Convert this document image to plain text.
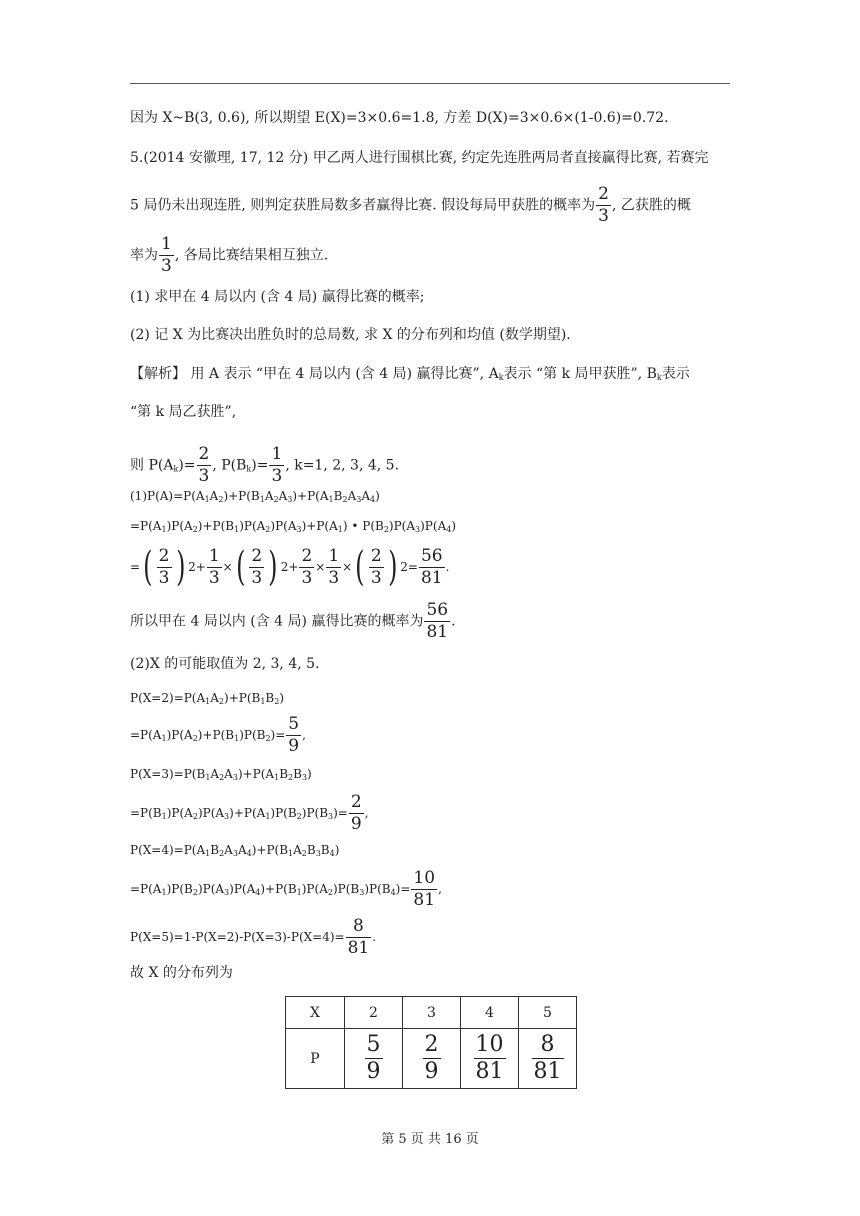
因为 X~B(3, 0.6), 所以期望 E(X)=3×0.6=1.8, 方差 D(X)=3×0.6×(1-0.6)=0.72.
5.(2014 安徽理, 17, 12 分) 甲乙两人进行围棋比赛, 约定先连胜两局者直接赢得比赛, 若赛完
5 局仍未出现连胜, 则判定获胜局数多者赢得比赛. 假设每局甲获胜的概率为 $\frac{2}{3}$ , 乙获胜的概
率为 $\frac{1}{3}$ , 各局比赛结果相互独立.
(1) 求甲在 4 局以内 (含 4 局) 赢得比赛的概率;
(2) 记 X 为比赛决出胜负时的总局数, 求 X 的分布列和均值 (数学期望).
【解析】 用 A 表示 “甲在 4 局以内 (含 4 局) 赢得比赛”, $A_k$表示 “第 k 局甲获胜”, $B_k$表示
“第 k 局乙获胜”,
则 $P(A_k)= \frac{2}{3}$ , $P(B_k)= \frac{1}{3}$ , k=1, 2, 3, 4, 5.
$(1)P(A)=P(A_1A_2)+P(B_1A_2A_3)+P(A_1B_2A_3A_4)$
$=P(A_1)P(A_2)+P(B_1)P(A_2)P(A_3)+P(A_1)$ • $P(B_2)P(A_3)P(A_4)$
= ( $\frac{2}{3}$ ) $2 + \frac{1}{3}$ × ( $\frac{2}{3}$ ) $2 + \frac{2}{3} \times \frac{1}{3}$ × ( $\frac{2}{3}$ ) $2 = \frac{56}{81}$ .
所以甲在 4 局以内 (含 4 局) 赢得比赛的概率为 $\frac{56}{81}$ .
(2)X 的可能取值为 2, 3, 4, 5.
$P(X=2)=P(A_1A_2)+P(B_1B_2)$
$=P(A_1)P(A_2)+P(B_1)P(B_2)= \frac{5}{9}$ ,
$P(X=3)=P(B_1A_2A_3)+P(A_1B_2B_3)$
$=P(B_1)P(A_2)P(A_3)+P(A_1)P(B_2)P(B_3)= \frac{2}{9}$ ,
$P(X=4)=P(A_1B_2A_3A_4)+P(B_1A_2B_3B_4)$
$=P(A_1)P(B_2)P(A_3)P(A_4)+P(B_1)P(A_2)P(B_3)P(B_4)= \frac{10}{81}$ ,
$P(X=5)=1-P(X=2)-P(X=3)-P(X=4)= \frac{8}{81}$ .
故 X 的分布列为
X	2	3	4	5
P	$\frac{5}{9}$	$\frac{2}{9}$	$\frac{10}{81}$	$\frac{8}{81}$
第 5 页 共 16 页
